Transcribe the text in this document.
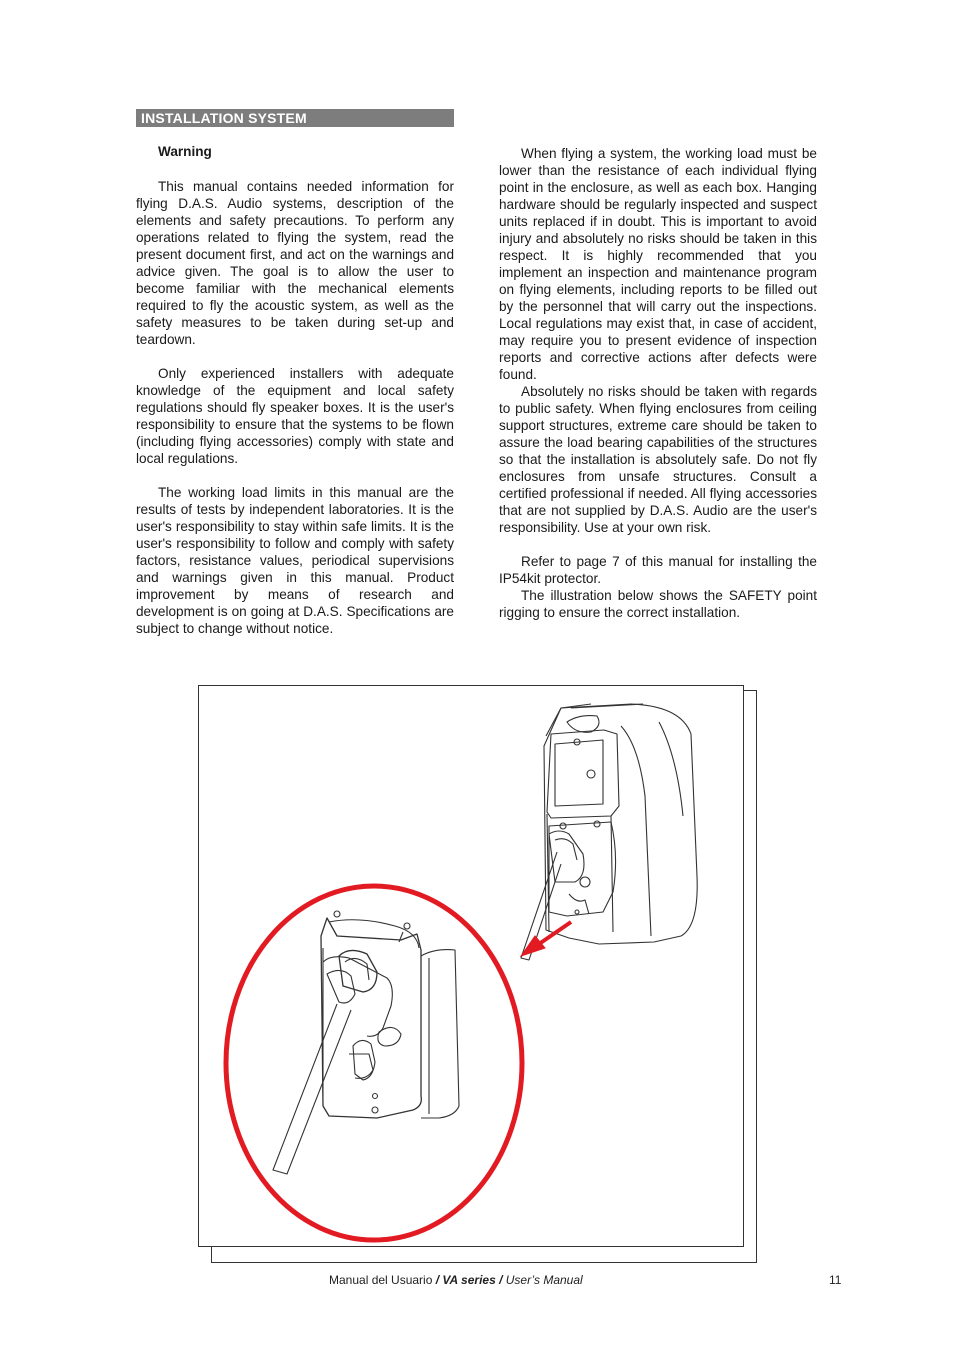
INSTALLATION SYSTEM
Warning

This manual contains needed information for flying D.A.S. Audio systems, description of the elements and safety precautions. To perform any operations related to flying the system, read the present document first, and act on the warnings and advice given. The goal is to allow the user to become familiar with the mechanical elements required to fly the acoustic system, as well as the safety measures to be taken during set-up and teardown.

Only experienced installers with adequate knowledge of the equipment and local safety regulations should fly speaker boxes. It is the user's responsibility to ensure that the systems to be flown (including flying accessories) comply with state and local regulations.

The working load limits in this manual are the results of tests by independent laboratories. It is the user's responsibility to stay within safe limits. It is the user's responsibility to follow and comply with safety factors, resistance values, periodical supervisions and warnings given in this manual. Product improvement by means of research and development is on going at D.A.S. Specifications are subject to change without notice.

When flying a system, the working load must be lower than the resistance of each individual flying point in the enclosure, as well as each box. Hanging hardware should be regularly inspected and suspect units replaced if in doubt. This is important to avoid injury and absolutely no risks should be taken in this respect. It is highly recommended that you implement an inspection and maintenance program on flying elements, including reports to be filled out by the personnel that will carry out the inspections. Local regulations may exist that, in case of accident, may require you to present evidence of inspection reports and corrective actions after defects were found.

Absolutely no risks should be taken with regards to public safety. When flying enclosures from ceiling support structures, extreme care should be taken to assure the load bearing capabilities of the structures so that the installation is absolutely safe. Do not fly enclosures from unsafe structures. Consult a certified professional if needed. All flying accessories that are not supplied by D.A.S. Audio are the user's responsibility. Use at your own risk.

Refer to page 7 of this manual for installing the IP54kit protector.

The illustration below shows the SAFETY point rigging to ensure the correct installation.

Manual del Usuario / VA series / User’s Manual	11
